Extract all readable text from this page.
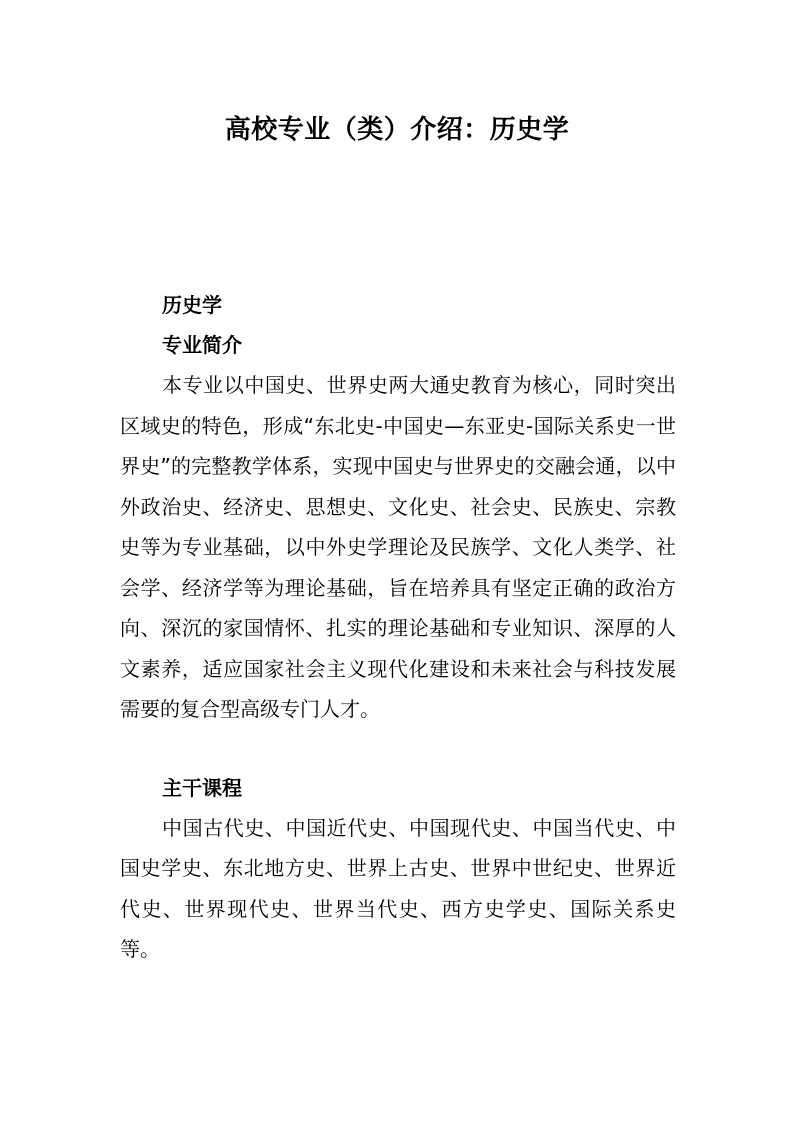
高校专业（类）介绍：历史学

历史学

专业简介

本专业以中国史、世界史两大通史教育为核心，同时突出区域史的特色，形成“东北史-中国史—东亚史-国际关系史一世界史”的完整教学体系，实现中国史与世界史的交融会通，以中外政治史、经济史、思想史、文化史、社会史、民族史、宗教史等为专业基础，以中外史学理论及民族学、文化人类学、社会学、经济学等为理论基础，旨在培养具有坚定正确的政治方向、深沉的家国情怀、扎实的理论基础和专业知识、深厚的人文素养，适应国家社会主义现代化建设和未来社会与科技发展需要的复合型高级专门人才。

主干课程

中国古代史、中国近代史、中国现代史、中国当代史、中国史学史、东北地方史、世界上古史、世界中世纪史、世界近代史、世界现代史、世界当代史、西方史学史、国际关系史等。
